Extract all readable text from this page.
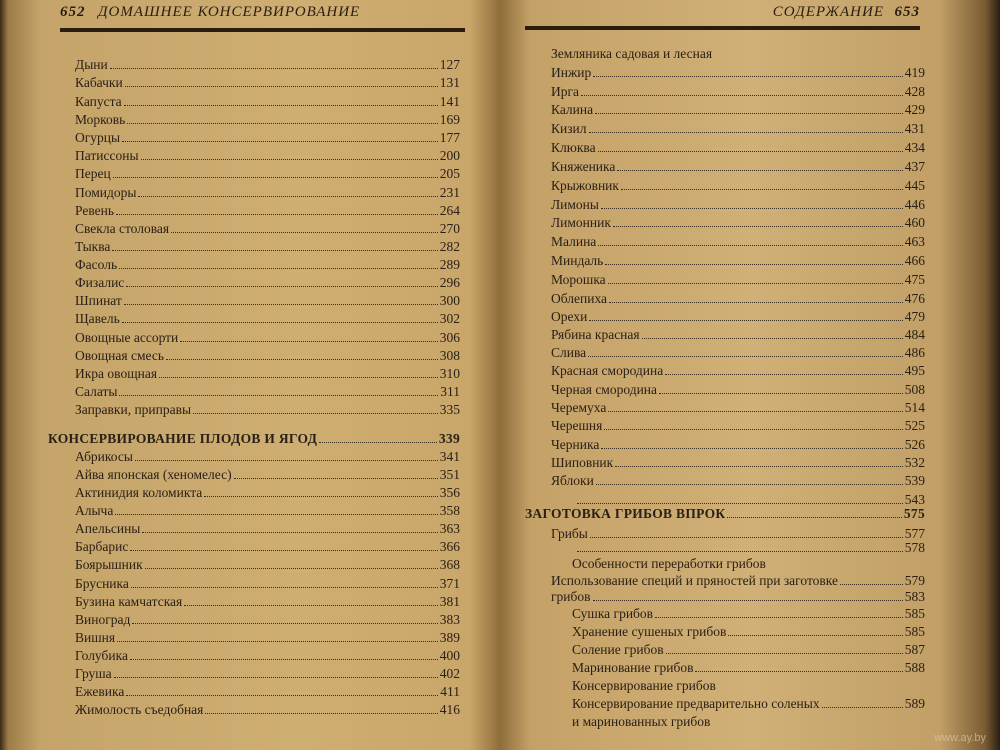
652 ДОМАШНЕЕ КОНСЕРВИРОВАНИЕ
Дыни	127
Кабачки	131
Капуста	141
Морковь	169
Огурцы	177
Патиссоны	200
Перец	205
Помидоры	231
Ревень	264
Свекла столовая	270
Тыква	282
Фасоль	289
Физалис	296
Шпинат	300
Щавель	302
Овощные ассорти	306
Овощная смесь	308
Икра овощная	310
Салаты	311
Заправки, приправы	335
КОНСЕРВИРОВАНИЕ ПЛОДОВ И ЯГОД	339
Абрикосы	341
Айва японская (хеномелес)	351
Актинидия коломикта	356
Алыча	358
Апельсины	363
Барбарис	366
Боярышник	368
Брусника	371
Бузина камчатская	381
Виноград	383
Вишня	389
Голубика	400
Груша	402
Ежевика	411
Жимолость съедобная	416
СОДЕРЖАНИЕ 653
Земляника садовая и лесная
Инжир	419
Ирга	428
Калина	429
Кизил	431
Клюква	434
Княженика	437
Крыжовник	445
Лимоны	446
Лимонник	460
Малина	463
Миндаль	466
Морошка	475
Облепиха	476
Орехи	479
Рябина красная	484
Слива	486
Красная смородина	495
Черная смородина	508
Черемуха	514
Черешня	525
Черника	526
Шиповник	532
Яблоки	539
543
ЗАГОТОВКА ГРИБОВ ВПРОК	575
Грибы	577
578
Особенности переработки грибов
Использование специй и пряностей при заготовке	579
грибов	583
Сушка грибов	585
Хранение сушеных грибов	585
Соление грибов	587
Маринование грибов	588
Консервирование грибов
Консервирование предварительно соленых	589
и маринованных грибов
www.ay.by
